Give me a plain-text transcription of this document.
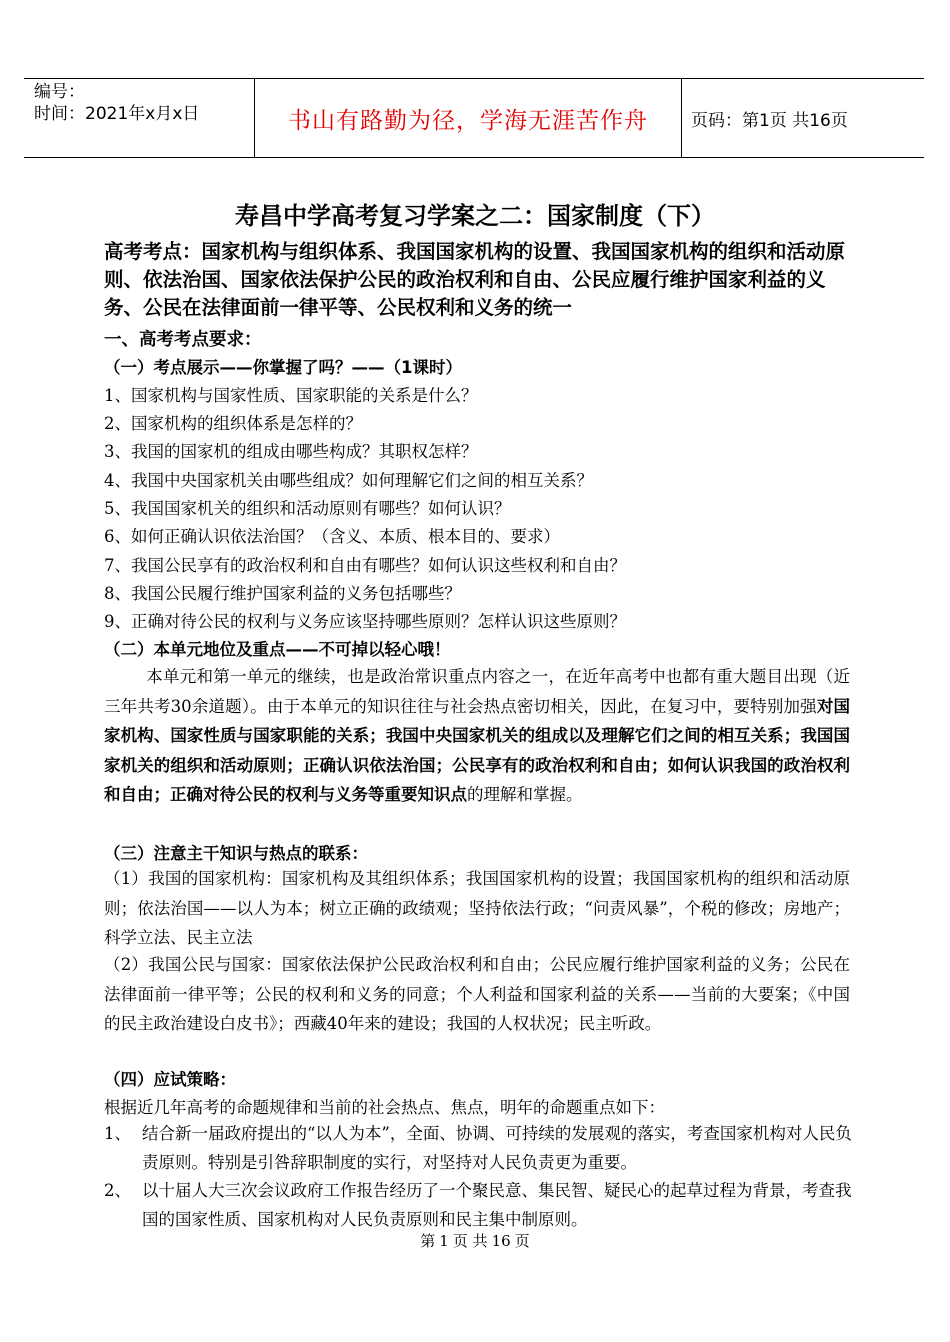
编号：
时间：2021年x月x日	书山有路勤为径，学海无涯苦作舟	页码：第1页 共16页
寿昌中学高考复习学案之二：国家制度（下）
高考考点：国家机构与组织体系、我国国家机构的设置、我国国家机构的组织和活动原则、依法治国、国家依法保护公民的政治权利和自由、公民应履行维护国家利益的义务、公民在法律面前一律平等、公民权利和义务的统一
一、高考考点要求：
（一）考点展示——你掌握了吗？——（1课时）
1、国家机构与国家性质、国家职能的关系是什么？
2、国家机构的组织体系是怎样的？
3、我国的国家机的组成由哪些构成？其职权怎样？
4、我国中央国家机关由哪些组成？如何理解它们之间的相互关系？
5、我国国家机关的组织和活动原则有哪些？如何认识？
6、如何正确认识依法治国？（含义、本质、根本目的、要求）
7、我国公民享有的政治权利和自由有哪些？如何认识这些权利和自由？
8、我国公民履行维护国家利益的义务包括哪些？
9、正确对待公民的权利与义务应该坚持哪些原则？怎样认识这些原则？
（二）本单元地位及重点——不可掉以轻心哦！
本单元和第一单元的继续，也是政治常识重点内容之一，在近年高考中也都有重大题目出现（近三年共考30余道题）。由于本单元的知识往往与社会热点密切相关，因此，在复习中，要特别加强对国家机构、国家性质与国家职能的关系；我国中央国家机关的组成以及理解它们之间的相互关系；我国国家机关的组织和活动原则；正确认识依法治国；公民享有的政治权利和自由；如何认识我国的政治权利和自由；正确对待公民的权利与义务等重要知识点的理解和掌握。
（三）注意主干知识与热点的联系：
（1）我国的国家机构：国家机构及其组织体系；我国国家机构的设置；我国国家机构的组织和活动原则；依法治国——以人为本；树立正确的政绩观；坚持依法行政；“问责风暴”，个税的修改；房地产；科学立法、民主立法
（2）我国公民与国家：国家依法保护公民政治权利和自由；公民应履行维护国家利益的义务；公民在法律面前一律平等；公民的权利和义务的同意；个人利益和国家利益的关系——当前的大要案；《中国的民主政治建设白皮书》；西藏40年来的建设；我国的人权状况；民主听政。
（四）应试策略：
根据近几年高考的命题规律和当前的社会热点、焦点，明年的命题重点如下：
1、 结合新一届政府提出的“以人为本”，全面、协调、可持续的发展观的落实，考查国家机构对人民负责原则。特别是引咎辞职制度的实行，对坚持对人民负责更为重要。
2、 以十届人大三次会议政府工作报告经历了一个聚民意、集民智、疑民心的起草过程为背景，考查我国的国家性质、国家机构对人民负责原则和民主集中制原则。
第 1 页 共 16 页
